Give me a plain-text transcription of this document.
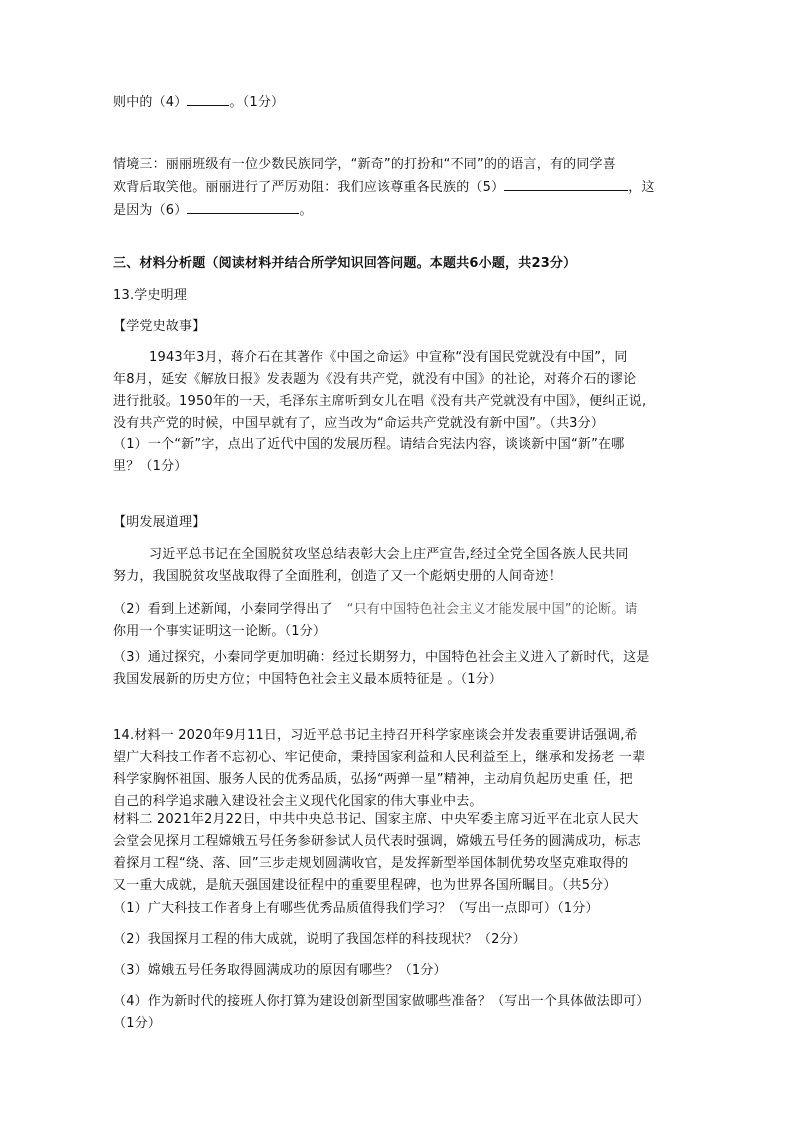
则中的（4）	。（1分）

情境三：丽丽班级有一位少数民族同学，“新奇”的打扮和“不同”的的语言，有的同学喜
欢背后取笑他。丽丽进行了严厉劝阻：我们应该尊重各民族的（5）	，这
是因为（6）	。

三、材料分析题（阅读材料并结合所学知识回答问题。本题共6小题，共23分）

13.学史明理

【学党史故事】

1943年3月，蒋介石在其著作《中国之命运》中宣称“没有国民党就没有中国”，同
年8月，延安《解放日报》发表题为《没有共产党，就没有中国》的社论，对蒋介石的谬论
进行批驳。1950年的一天，毛泽东主席听到女儿在唱《没有共产党就没有中国》，便纠正说,
没有共产党的时候，中国早就有了，应当改为“命运共产党就没有新中国”。（共3分）

（1）一个“新”字，点出了近代中国的发展历程。请结合宪法内容，谈谈新中国“新”在哪
里？（1分）

【明发展道理】

习近平总书记在全国脱贫攻坚总结表彰大会上庄严宣告,经过全党全国各族人民共同
努力，我国脱贫攻坚战取得了全面胜利，创造了又一个彪炳史册的人间奇迹！

（2）看到上述新闻，小秦同学得出了 “只有中国特色社会主义才能发展中国”的论断。请
你用一个事实证明这一论断。（1分）

（3）通过探究，小秦同学更加明确：经过长期努力，中国特色社会主义进入了新时代，这是
我国发展新的历史方位；中国特色社会主义最本质特征是 。（1分）

14.材料一 2020年9月11日，习近平总书记主持召开科学家座谈会并发表重要讲话强调,希
望广大科技工作者不忘初心、牢记使命，秉持国家利益和人民利益至上，继承和发扬老 一辈
科学家胸怀祖国、服务人民的优秀品质，弘扬“两弹一星”精神，主动肩负起历史重 任，把
自己的科学追求融入建设社会主义现代化国家的伟大事业中去。

材料二 2021年2月22日，中共中央总书记、国家主席、中央军委主席习近平在北京人民大
会堂会见探月工程嫦娥五号任务参研参试人员代表时强调，嫦娥五号任务的圆满成功，标志
着探月工程“绕、落、回”三步走规划圆满收官，是发挥新型举国体制优势攻坚克难取得的
又一重大成就，是航天强国建设征程中的重要里程碑，也为世界各国所瞩目。（共5分）

（1）广大科技工作者身上有哪些优秀品质值得我们学习？（写出一点即可）（1分）

（2）我国探月工程的伟大成就，说明了我国怎样的科技现状？（2分）

（3）嫦娥五号任务取得圆满成功的原因有哪些？（1分）

（4）作为新时代的接班人你打算为建设创新型国家做哪些准备？（写出一个具体做法即可）
（1分）
